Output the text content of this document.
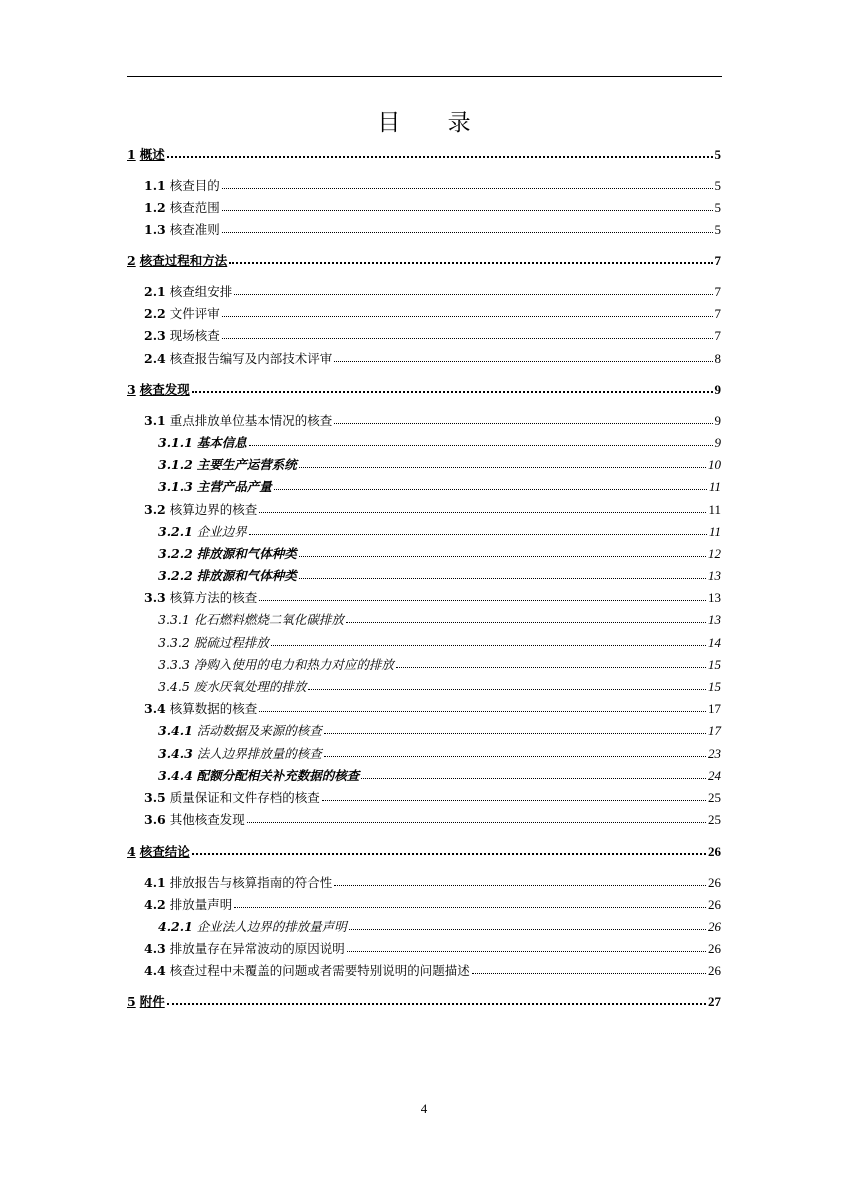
目 录
1 概述	5
1.1 核查目的	5
1.2 核查范围	5
1.3 核查准则	5
2 核查过程和方法	7
2.1 核查组安排	7
2.2 文件评审	7
2.3 现场核查	7
2.4 核查报告编写及内部技术评审	8
3 核查发现	9
3.1 重点排放单位基本情况的核查	9
3.1.1 基本信息	9
3.1.2 主要生产运营系统	10
3.1.3 主营产品产量	11
3.2 核算边界的核查	11
3.2.1 企业边界	11
3.2.2 排放源和气体种类	12
3.2.2 排放源和气体种类	13
3.3 核算方法的核查	13
3.3.1 化石燃料燃烧二氧化碳排放	13
3.3.2 脱硫过程排放	14
3.3.3 净购入使用的电力和热力对应的排放	15
3.4.5 废水厌氧处理的排放	15
3.4 核算数据的核查	17
3.4.1 活动数据及来源的核查	17
3.4.3 法人边界排放量的核查	23
3.4.4 配额分配相关补充数据的核查	24
3.5 质量保证和文件存档的核查	25
3.6 其他核查发现	25
4 核查结论	26
4.1 排放报告与核算指南的符合性	26
4.2 排放量声明	26
4.2.1 企业法人边界的排放量声明	26
4.3 排放量存在异常波动的原因说明	26
4.4 核查过程中未覆盖的问题或者需要特别说明的问题描述	26
5 附件	27
4
